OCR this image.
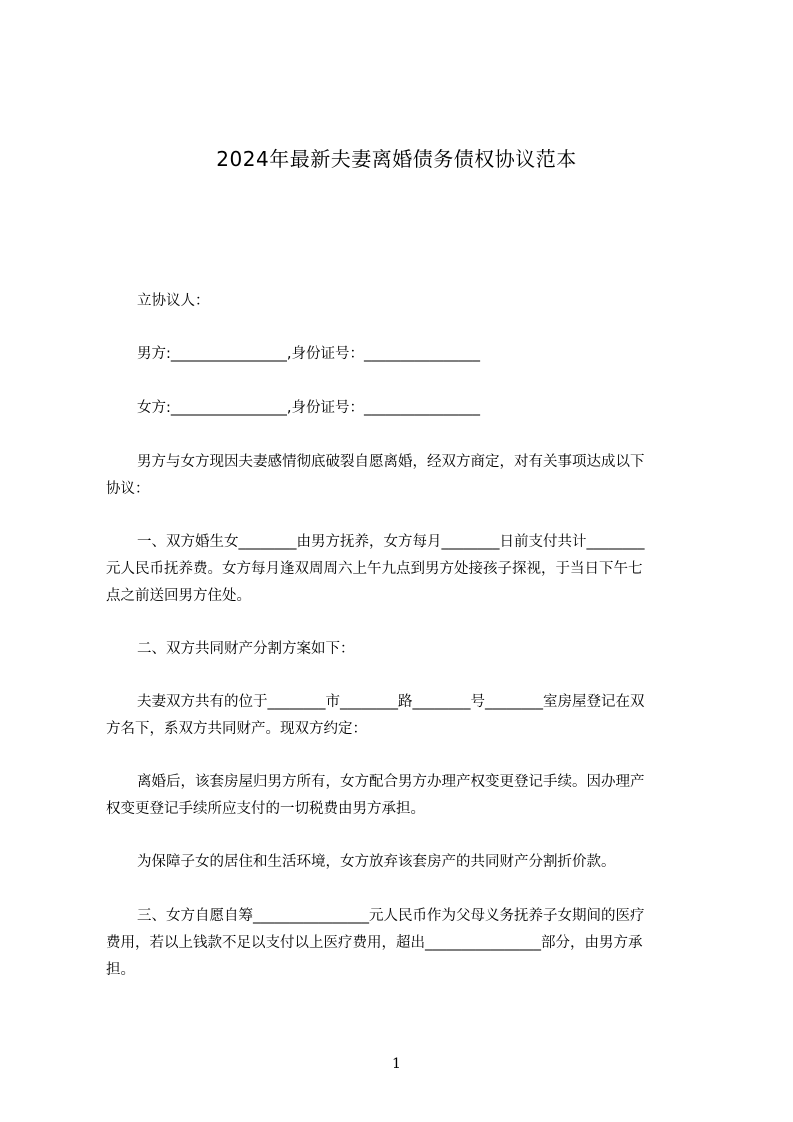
2024年最新夫妻离婚债务债权协议范本
立协议人：
男方:________________,身份证号：________________
女方:________________,身份证号：________________
男方与女方现因夫妻感情彻底破裂自愿离婚，经双方商定，对有关事项达成以下
协议：
一、双方婚生女________由男方抚养，女方每月________日前支付共计________
元人民币抚养费。女方每月逢双周周六上午九点到男方处接孩子探视，于当日下午七
点之前送回男方住处。
二、双方共同财产分割方案如下：
夫妻双方共有的位于________市________路________号________室房屋登记在双
方名下，系双方共同财产。现双方约定：
离婚后，该套房屋归男方所有，女方配合男方办理产权变更登记手续。因办理产
权变更登记手续所应支付的一切税费由男方承担。
为保障子女的居住和生活环境，女方放弃该套房产的共同财产分割折价款。
三、女方自愿自筹________________元人民币作为父母义务抚养子女期间的医疗
费用，若以上钱款不足以支付以上医疗费用，超出________________部分，由男方承
担。
1
